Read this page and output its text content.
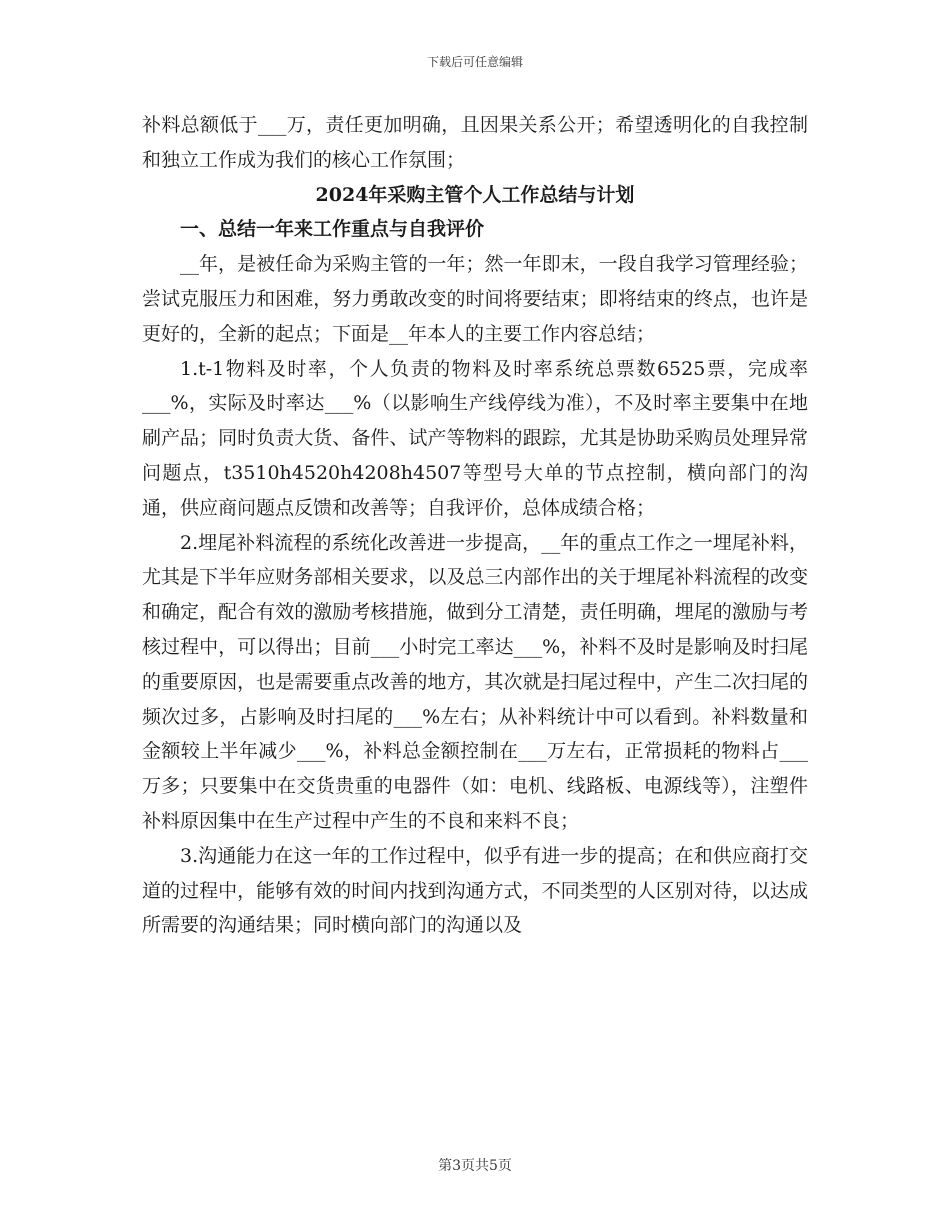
下载后可任意编辑

补料总额低于___万，责任更加明确，且因果关系公开；希望透明化的自我控制和独立工作成为我们的核心工作氛围；

2024年采购主管个人工作总结与计划

一、总结一年来工作重点与自我评价

__年，是被任命为采购主管的一年；然一年即末，一段自我学习管理经验；尝试克服压力和困难，努力勇敢改变的时间将要结束；即将结束的终点，也许是更好的，全新的起点；下面是__年本人的主要工作内容总结；

1.t-1物料及时率，个人负责的物料及时率系统总票数6525票，完成率___%，实际及时率达___%（以影响生产线停线为准），不及时率主要集中在地刷产品；同时负责大货、备件、试产等物料的跟踪，尤其是协助采购员处理异常问题点，t3510h4520h4208h4507等型号大单的节点控制，横向部门的沟通，供应商问题点反馈和改善等；自我评价，总体成绩合格；

2.埋尾补料流程的系统化改善进一步提高，__年的重点工作之一埋尾补料，尤其是下半年应财务部相关要求，以及总三内部作出的关于埋尾补料流程的改变和确定，配合有效的激励考核措施，做到分工清楚，责任明确，埋尾的激励与考核过程中，可以得出；目前___小时完工率达___%，补料不及时是影响及时扫尾的重要原因，也是需要重点改善的地方，其次就是扫尾过程中，产生二次扫尾的频次过多，占影响及时扫尾的___%左右；从补料统计中可以看到。补料数量和金额较上半年减少___%，补料总金额控制在___万左右，正常损耗的物料占___万多；只要集中在交货贵重的电器件（如：电机、线路板、电源线等），注塑件补料原因集中在生产过程中产生的不良和来料不良；

3.沟通能力在这一年的工作过程中，似乎有进一步的提高；在和供应商打交道的过程中，能够有效的时间内找到沟通方式，不同类型的人区别对待，以达成所需要的沟通结果；同时横向部门的沟通以及

第3页共5页
